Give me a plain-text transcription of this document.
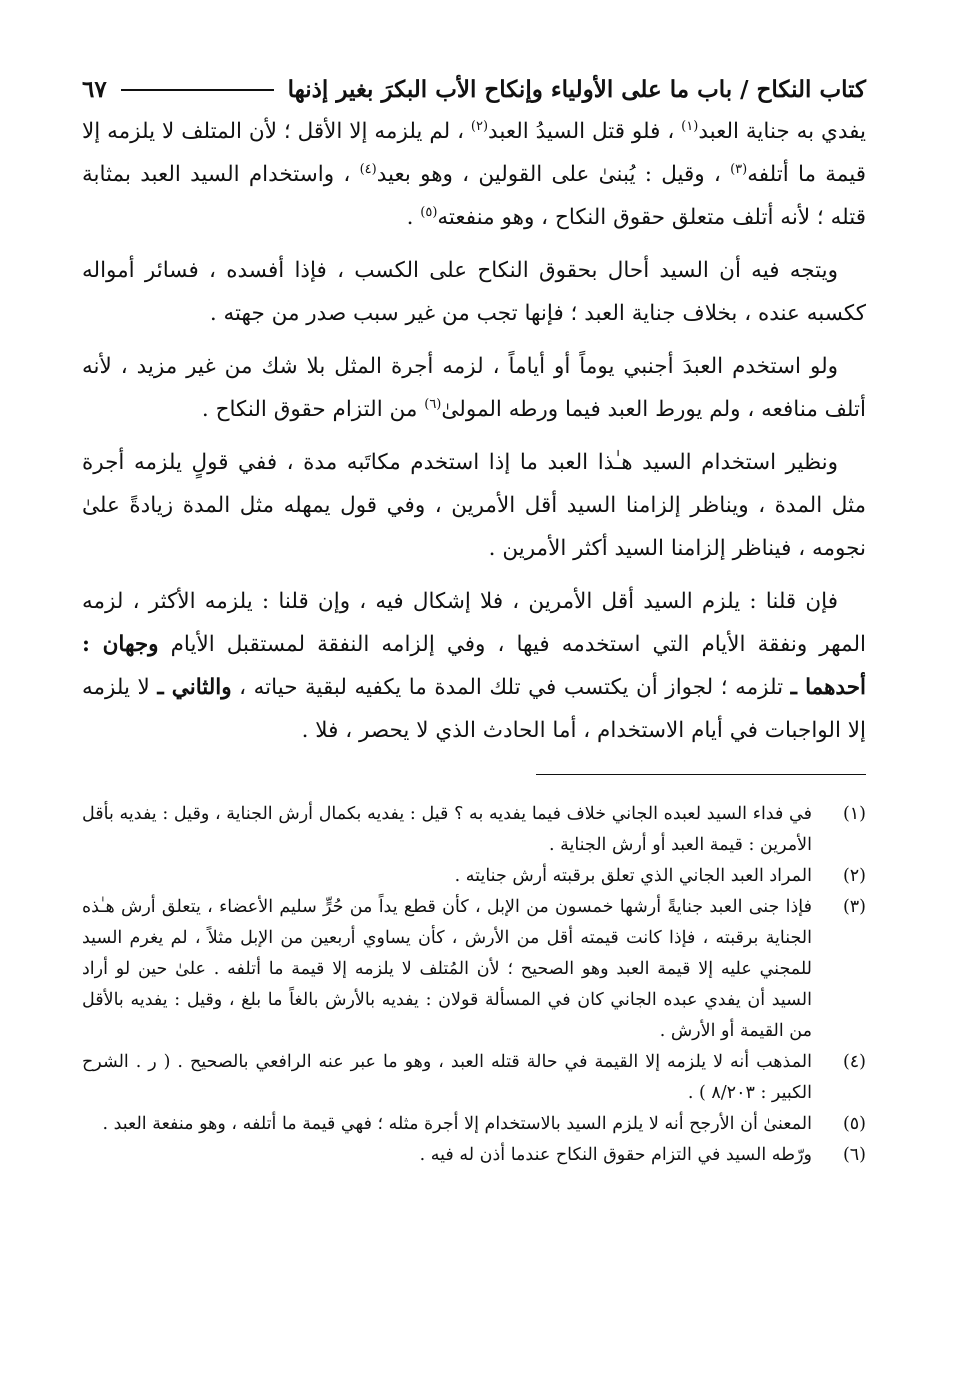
كتاب النكاح / باب ما على الأولياء وإنكاح الأب البكرَ بغير إذنها
٦٧

يفدي به جناية العبد$^{(١)}$ ، فلو قتل السيدُ العبد$^{(٢)}$ ، لم يلزمه إلا الأقل ؛ لأن المتلف لا يلزمه إلا قيمة ما أتلفه$^{(٣)}$ ، وقيل : يُبنىٰ على القولين ، وهو بعيد$^{(٤)}$ ، واستخدام السيد العبد بمثابة قتله ؛ لأنه أتلف متعلق حقوق النكاح ، وهو منفعته$^{(٥)}$ .

ويتجه فيه أن السيد أحال بحقوق النكاح على الكسب ، فإذا أفسده ، فسائر أمواله ككسبه عنده ، بخلاف جناية العبد ؛ فإنها تجب من غير سبب صدر من جهته .

ولو استخدم العبدَ أجنبي يوماً أو أياماً ، لزمه أجرة المثل بلا شك من غير مزيد ، لأنه أتلف منافعه ، ولم يورط العبد فيما ورطه المولىٰ$^{(٦)}$ من التزام حقوق النكاح .

ونظير استخدام السيد هـٰذا العبد ما إذا استخدم مكاتَبه مدة ، ففي قولٍ يلزمه أجرة مثل المدة ، ويناظر إلزامنا السيد أقل الأمرين ، وفي قول يمهله مثل المدة زيادةً علىٰ نجومه ، فيناظر إلزامنا السيد أكثر الأمرين .

فإن قلنا : يلزم السيد أقل الأمرين ، فلا إشكال فيه ، وإن قلنا : يلزمه الأكثر ، لزمه المهر ونفقة الأيام التي استخدمه فيها ، وفي إلزامه النفقة لمستقبل الأيام وجهان : أحدهما ـ تلزمه ؛ لجواز أن يكتسب في تلك المدة ما يكفيه لبقية حياته ، والثاني ـ لا يلزمه إلا الواجبات في أيام الاستخدام ، أما الحادث الذي لا يحصر ، فلا .

(١)
في فداء السيد لعبده الجاني خلاف فيما يفديه به ؟ قيل : يفديه بكمال أرش الجناية ، وقيل : يفديه بأقل الأمرين : قيمة العبد أو أرش الجناية .
(٢)
المراد العبد الجاني الذي تعلق برقبته أرش جنايته .
(٣)
فإذا جنى العبد جنايةً أرشها خمسون من الإبل ، كأن قطع يداً من حُرٍّ سليم الأعضاء ، يتعلق أرش هـٰذه الجناية برقبته ، فإذا كانت قيمته أقل من الأرش ، كأن يساوي أربعين من الإبل مثلاً ، لم يغرم السيد للمجني عليه إلا قيمة العبد وهو الصحيح ؛ لأن المُتلف لا يلزمه إلا قيمة ما أتلفه . علىٰ حين لو أراد السيد أن يفدي عبده الجاني كان في المسألة قولان : يفديه بالأرش بالغاً ما بلغ ، وقيل : يفديه بالأقل من القيمة أو الأرش .
(٤)
المذهب أنه لا يلزمه إلا القيمة في حالة قتله العبد ، وهو ما عبر عنه الرافعي بالصحيح . ( ر . الشرح الكبير : ٨/٢٠٣ ) .
(٥)
المعنىٰ أن الأرجح أنه لا يلزم السيد بالاستخدام إلا أجرة مثله ؛ فهي قيمة ما أتلفه ، وهو منفعة العبد .
(٦)
ورّطه السيد في التزام حقوق النكاح عندما أذن له فيه .
